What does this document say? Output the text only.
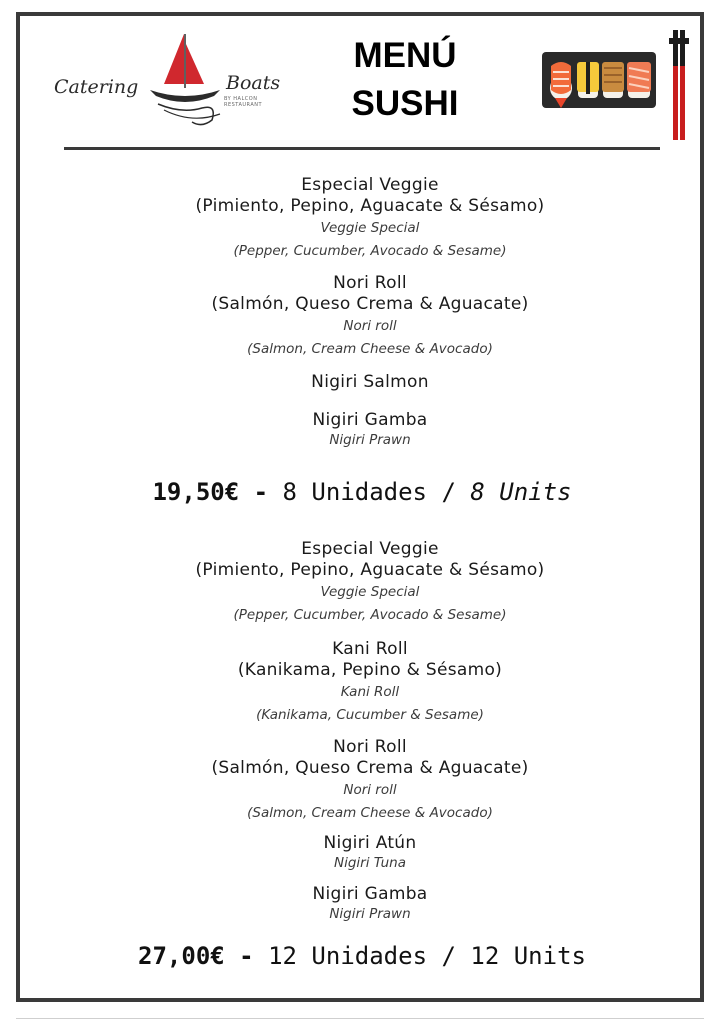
Catering	Boats
BY HALCON RESTAURANT
MENÚ
SUSHI
Especial Veggie
(Pimiento, Pepino, Aguacate & Sésamo)
Veggie Special
(Pepper, Cucumber, Avocado & Sesame)
Nori Roll
(Salmón, Queso Crema & Aguacate)
Nori roll
(Salmon, Cream Cheese & Avocado)
Nigiri Salmon
Nigiri Gamba
Nigiri Prawn
19,50€ - 8 Unidades / 8 Units
Especial Veggie
(Pimiento, Pepino, Aguacate & Sésamo)
Veggie Special
(Pepper, Cucumber, Avocado & Sesame)
Kani Roll
(Kanikama, Pepino & Sésamo)
Kani Roll
(Kanikama, Cucumber & Sesame)
Nori Roll
(Salmón, Queso Crema & Aguacate)
Nori roll
(Salmon, Cream Cheese & Avocado)
Nigiri Atún
Nigiri Tuna
Nigiri Gamba
Nigiri Prawn
27,00€ - 12 Unidades / 12 Units
